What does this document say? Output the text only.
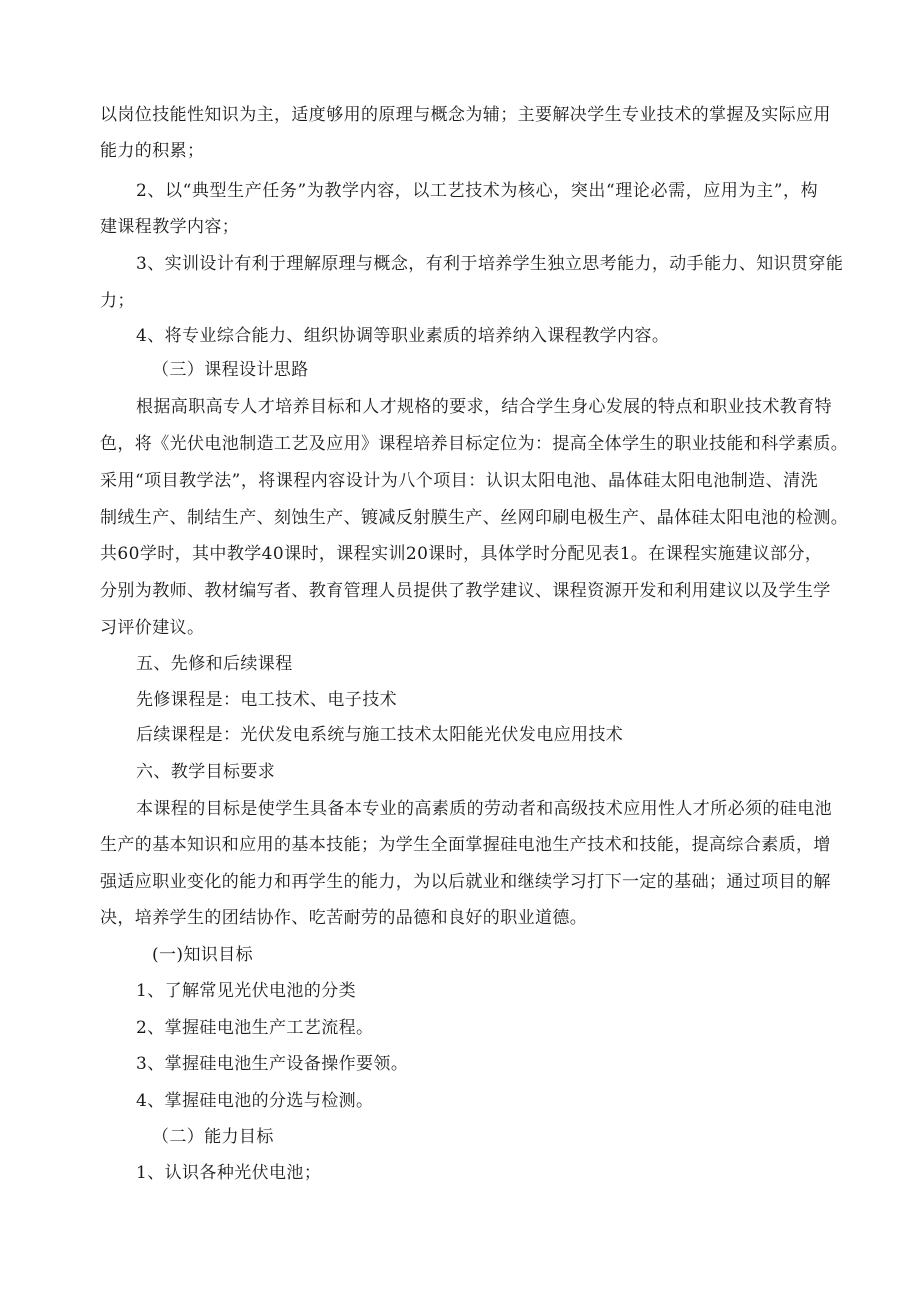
以岗位技能性知识为主，适度够用的原理与概念为辅；主要解决学生专业技术的掌握及实际应用

能力的积累；

2、以“典型生产任务”为教学内容，以工艺技术为核心，突出“理论必需，应用为主”，构

建课程教学内容；

3、实训设计有利于理解原理与概念，有利于培养学生独立思考能力，动手能力、知识贯穿能

力；

4、将专业综合能力、组织协调等职业素质的培养纳入课程教学内容。

（三）课程设计思路

根据高职高专人才培养目标和人才规格的要求，结合学生身心发展的特点和职业技术教育特

色，将《光伏电池制造工艺及应用》课程培养目标定位为：提高全体学生的职业技能和科学素质。

采用“项目教学法”，将课程内容设计为八个项目：认识太阳电池、晶体硅太阳电池制造、清洗

制绒生产、制结生产、刻蚀生产、镀减反射膜生产、丝网印刷电极生产、晶体硅太阳电池的检测。

共60学时，其中教学40课时，课程实训20课时，具体学时分配见表1。在课程实施建议部分，

分别为教师、教材编写者、教育管理人员提供了教学建议、课程资源开发和利用建议以及学生学

习评价建议。

五、先修和后续课程

先修课程是：电工技术、电子技术

后续课程是：光伏发电系统与施工技术太阳能光伏发电应用技术

六、教学目标要求

本课程的目标是使学生具备本专业的高素质的劳动者和高级技术应用性人才所必须的硅电池

生产的基本知识和应用的基本技能；为学生全面掌握硅电池生产技术和技能，提高综合素质，增

强适应职业变化的能力和再学生的能力，为以后就业和继续学习打下一定的基础；通过项目的解

决，培养学生的团结协作、吃苦耐劳的品德和良好的职业道德。

(一)知识目标

1、了解常见光伏电池的分类

2、掌握硅电池生产工艺流程。

3、掌握硅电池生产设备操作要领。

4、掌握硅电池的分选与检测。

（二）能力目标

1、认识各种光伏电池；
